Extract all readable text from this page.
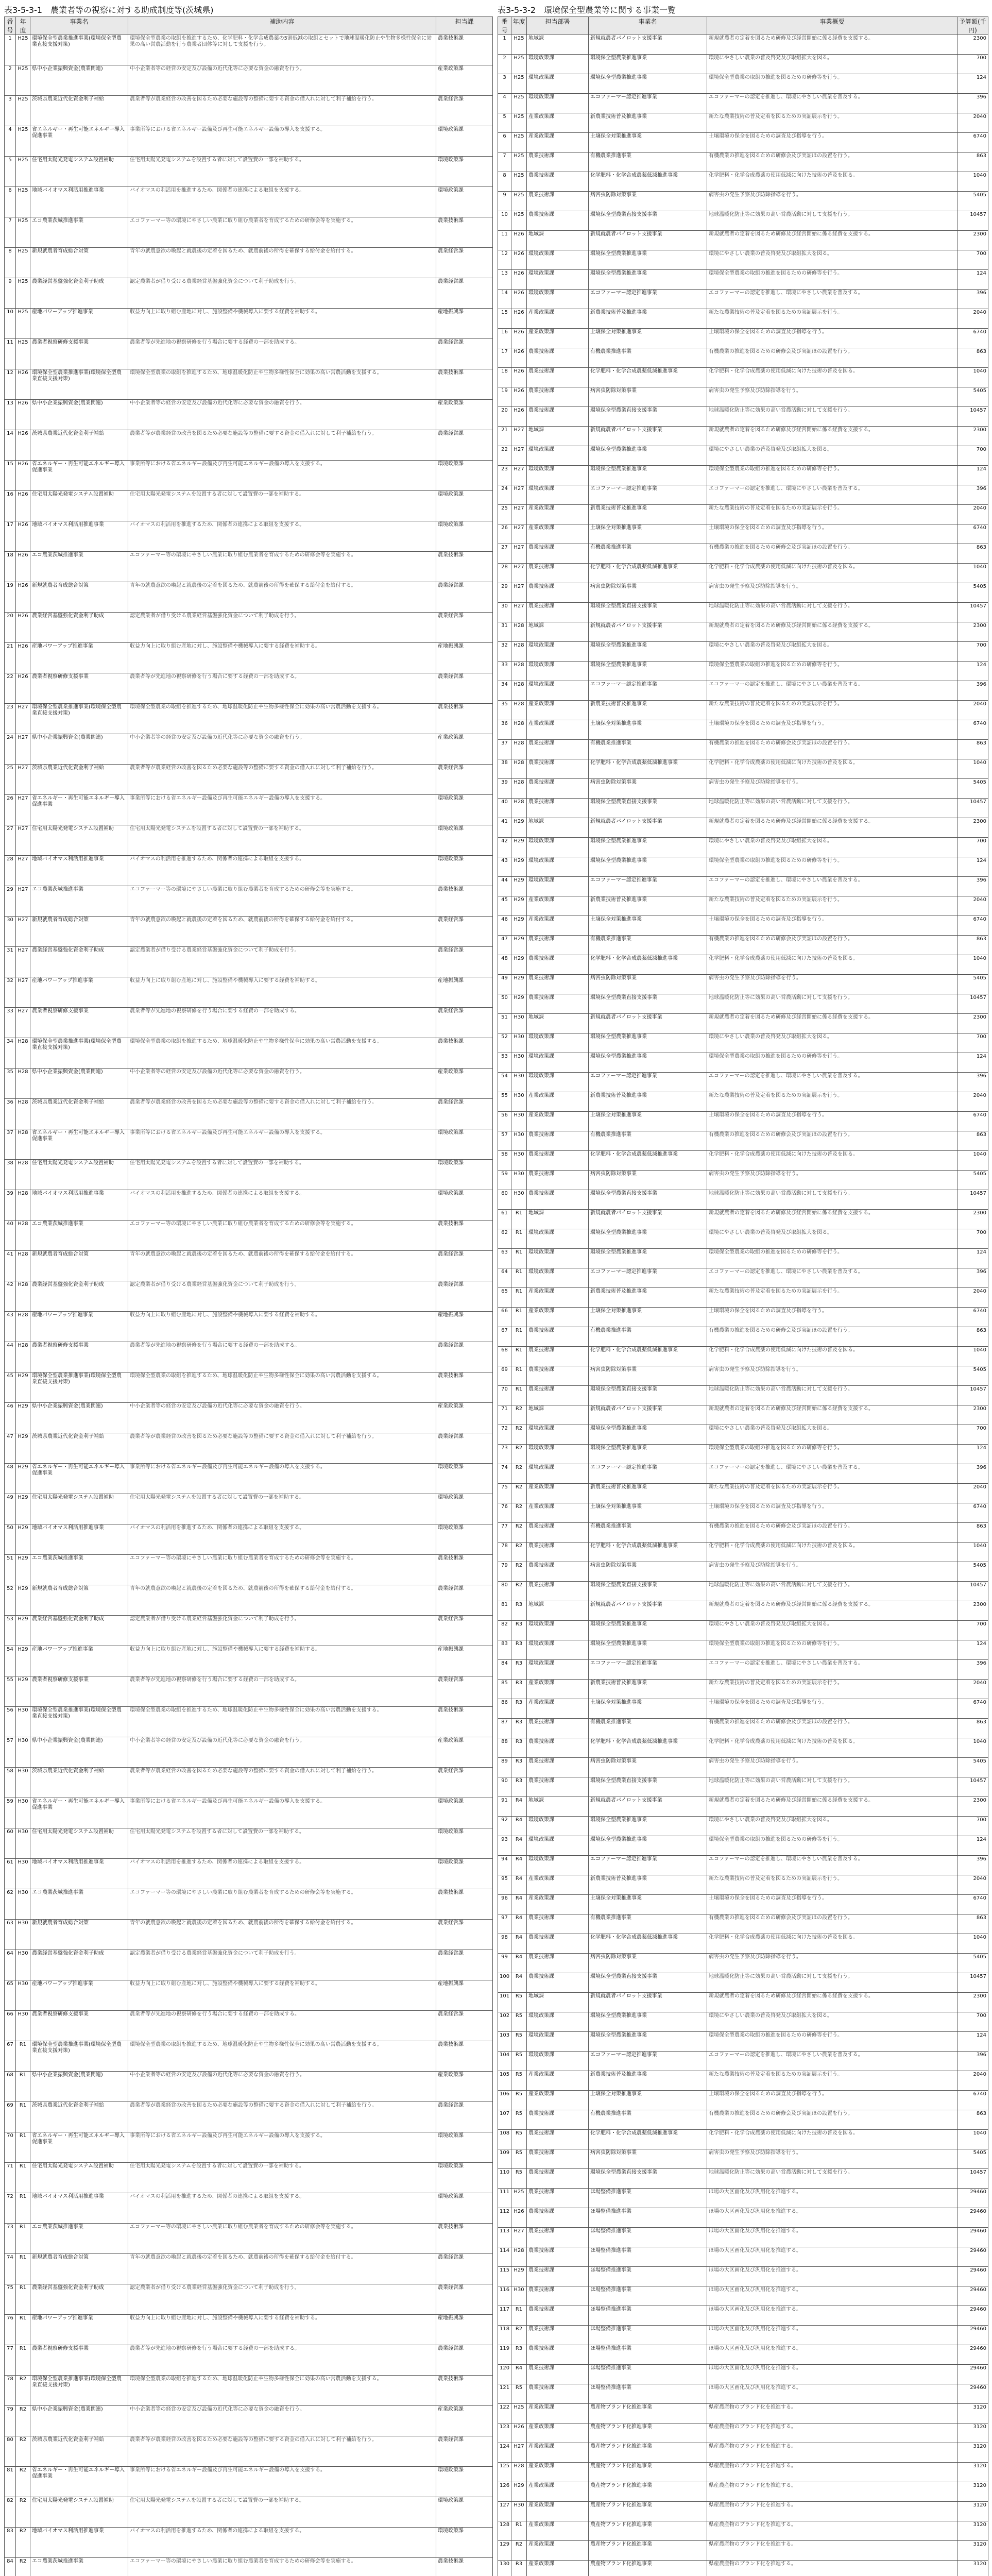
表3-5-3-1　農業者等の視察に対する助成制度等(茨城県)
番号	年度	事業名	補助内容	担当課
1	H25	環境保全型農業推進事業(環境保全型農業直接支援対策)	環境保全型農業の取組を推進するため、化学肥料・化学合成農薬の5割低減の取組とセットで地球温暖化防止や生物多様性保全に効果の高い営農活動を行う農業者団体等に対して支援を行う。	農業技術課
2	H25	県中小企業振興資金(農業関連)	中小企業者等の経営の安定及び設備の近代化等に必要な資金の融資を行う。	産業政策課
3	H25	茨城県農業近代化資金利子補給	農業者等が農業経営の改善を図るため必要な施設等の整備に要する資金の借入れに対して利子補給を行う。	農業経営課
4	H25	省エネルギー・再生可能エネルギー導入促進事業	事業所等における省エネルギー設備及び再生可能エネルギー設備の導入を支援する。	環境政策課
5	H25	住宅用太陽光発電システム設置補助	住宅用太陽光発電システムを設置する者に対して設置費の一部を補助する。	環境政策課
6	H25	地域バイオマス利活用推進事業	バイオマスの利活用を推進するため、関係者の連携による取組を支援する。	環境政策課
7	H25	エコ農業茨城推進事業	エコファーマー等の環境にやさしい農業に取り組む農業者を育成するための研修会等を実施する。	農業技術課
8	H25	新規就農者育成総合対策	青年の就農意欲の喚起と就農後の定着を図るため、就農前後の所得を確保する給付金を給付する。	農業経営課
9	H25	農業経営基盤強化資金利子助成	認定農業者が借り受ける農業経営基盤強化資金について利子助成を行う。	農業経営課
10	H25	産地パワーアップ推進事業	収益力向上に取り組む産地に対し、施設整備や機械導入に要する経費を補助する。	産地振興課
11	H25	農業者視察研修支援事業	農業者等が先進地の視察研修を行う場合に要する経費の一部を助成する。	農業経営課
12	H26	環境保全型農業推進事業(環境保全型農業直接支援対策)	環境保全型農業の取組を推進するため、地球温暖化防止や生物多様性保全に効果の高い営農活動を支援する。	農業技術課
13	H26	県中小企業振興資金(農業関連)	中小企業者等の経営の安定及び設備の近代化等に必要な資金の融資を行う。	産業政策課
14	H26	茨城県農業近代化資金利子補給	農業者等が農業経営の改善を図るため必要な施設等の整備に要する資金の借入れに対して利子補給を行う。	農業経営課
15	H26	省エネルギー・再生可能エネルギー導入促進事業	事業所等における省エネルギー設備及び再生可能エネルギー設備の導入を支援する。	環境政策課
16	H26	住宅用太陽光発電システム設置補助	住宅用太陽光発電システムを設置する者に対して設置費の一部を補助する。	環境政策課
17	H26	地域バイオマス利活用推進事業	バイオマスの利活用を推進するため、関係者の連携による取組を支援する。	環境政策課
18	H26	エコ農業茨城推進事業	エコファーマー等の環境にやさしい農業に取り組む農業者を育成するための研修会等を実施する。	農業技術課
19	H26	新規就農者育成総合対策	青年の就農意欲の喚起と就農後の定着を図るため、就農前後の所得を確保する給付金を給付する。	農業経営課
20	H26	農業経営基盤強化資金利子助成	認定農業者が借り受ける農業経営基盤強化資金について利子助成を行う。	農業経営課
21	H26	産地パワーアップ推進事業	収益力向上に取り組む産地に対し、施設整備や機械導入に要する経費を補助する。	産地振興課
22	H26	農業者視察研修支援事業	農業者等が先進地の視察研修を行う場合に要する経費の一部を助成する。	農業経営課
23	H27	環境保全型農業推進事業(環境保全型農業直接支援対策)	環境保全型農業の取組を推進するため、地球温暖化防止や生物多様性保全に効果の高い営農活動を支援する。	農業技術課
24	H27	県中小企業振興資金(農業関連)	中小企業者等の経営の安定及び設備の近代化等に必要な資金の融資を行う。	産業政策課
25	H27	茨城県農業近代化資金利子補給	農業者等が農業経営の改善を図るため必要な施設等の整備に要する資金の借入れに対して利子補給を行う。	農業経営課
26	H27	省エネルギー・再生可能エネルギー導入促進事業	事業所等における省エネルギー設備及び再生可能エネルギー設備の導入を支援する。	環境政策課
27	H27	住宅用太陽光発電システム設置補助	住宅用太陽光発電システムを設置する者に対して設置費の一部を補助する。	環境政策課
28	H27	地域バイオマス利活用推進事業	バイオマスの利活用を推進するため、関係者の連携による取組を支援する。	環境政策課
29	H27	エコ農業茨城推進事業	エコファーマー等の環境にやさしい農業に取り組む農業者を育成するための研修会等を実施する。	農業技術課
30	H27	新規就農者育成総合対策	青年の就農意欲の喚起と就農後の定着を図るため、就農前後の所得を確保する給付金を給付する。	農業経営課
31	H27	農業経営基盤強化資金利子助成	認定農業者が借り受ける農業経営基盤強化資金について利子助成を行う。	農業経営課
32	H27	産地パワーアップ推進事業	収益力向上に取り組む産地に対し、施設整備や機械導入に要する経費を補助する。	産地振興課
33	H27	農業者視察研修支援事業	農業者等が先進地の視察研修を行う場合に要する経費の一部を助成する。	農業経営課
34	H28	環境保全型農業推進事業(環境保全型農業直接支援対策)	環境保全型農業の取組を推進するため、地球温暖化防止や生物多様性保全に効果の高い営農活動を支援する。	農業技術課
35	H28	県中小企業振興資金(農業関連)	中小企業者等の経営の安定及び設備の近代化等に必要な資金の融資を行う。	産業政策課
36	H28	茨城県農業近代化資金利子補給	農業者等が農業経営の改善を図るため必要な施設等の整備に要する資金の借入れに対して利子補給を行う。	農業経営課
37	H28	省エネルギー・再生可能エネルギー導入促進事業	事業所等における省エネルギー設備及び再生可能エネルギー設備の導入を支援する。	環境政策課
38	H28	住宅用太陽光発電システム設置補助	住宅用太陽光発電システムを設置する者に対して設置費の一部を補助する。	環境政策課
39	H28	地域バイオマス利活用推進事業	バイオマスの利活用を推進するため、関係者の連携による取組を支援する。	環境政策課
40	H28	エコ農業茨城推進事業	エコファーマー等の環境にやさしい農業に取り組む農業者を育成するための研修会等を実施する。	農業技術課
41	H28	新規就農者育成総合対策	青年の就農意欲の喚起と就農後の定着を図るため、就農前後の所得を確保する給付金を給付する。	農業経営課
42	H28	農業経営基盤強化資金利子助成	認定農業者が借り受ける農業経営基盤強化資金について利子助成を行う。	農業経営課
43	H28	産地パワーアップ推進事業	収益力向上に取り組む産地に対し、施設整備や機械導入に要する経費を補助する。	産地振興課
44	H28	農業者視察研修支援事業	農業者等が先進地の視察研修を行う場合に要する経費の一部を助成する。	農業経営課
45	H29	環境保全型農業推進事業(環境保全型農業直接支援対策)	環境保全型農業の取組を推進するため、地球温暖化防止や生物多様性保全に効果の高い営農活動を支援する。	農業技術課
46	H29	県中小企業振興資金(農業関連)	中小企業者等の経営の安定及び設備の近代化等に必要な資金の融資を行う。	産業政策課
47	H29	茨城県農業近代化資金利子補給	農業者等が農業経営の改善を図るため必要な施設等の整備に要する資金の借入れに対して利子補給を行う。	農業経営課
48	H29	省エネルギー・再生可能エネルギー導入促進事業	事業所等における省エネルギー設備及び再生可能エネルギー設備の導入を支援する。	環境政策課
49	H29	住宅用太陽光発電システム設置補助	住宅用太陽光発電システムを設置する者に対して設置費の一部を補助する。	環境政策課
50	H29	地域バイオマス利活用推進事業	バイオマスの利活用を推進するため、関係者の連携による取組を支援する。	環境政策課
51	H29	エコ農業茨城推進事業	エコファーマー等の環境にやさしい農業に取り組む農業者を育成するための研修会等を実施する。	農業技術課
52	H29	新規就農者育成総合対策	青年の就農意欲の喚起と就農後の定着を図るため、就農前後の所得を確保する給付金を給付する。	農業経営課
53	H29	農業経営基盤強化資金利子助成	認定農業者が借り受ける農業経営基盤強化資金について利子助成を行う。	農業経営課
54	H29	産地パワーアップ推進事業	収益力向上に取り組む産地に対し、施設整備や機械導入に要する経費を補助する。	産地振興課
55	H29	農業者視察研修支援事業	農業者等が先進地の視察研修を行う場合に要する経費の一部を助成する。	農業経営課
56	H30	環境保全型農業推進事業(環境保全型農業直接支援対策)	環境保全型農業の取組を推進するため、地球温暖化防止や生物多様性保全に効果の高い営農活動を支援する。	農業技術課
57	H30	県中小企業振興資金(農業関連)	中小企業者等の経営の安定及び設備の近代化等に必要な資金の融資を行う。	産業政策課
58	H30	茨城県農業近代化資金利子補給	農業者等が農業経営の改善を図るため必要な施設等の整備に要する資金の借入れに対して利子補給を行う。	農業経営課
59	H30	省エネルギー・再生可能エネルギー導入促進事業	事業所等における省エネルギー設備及び再生可能エネルギー設備の導入を支援する。	環境政策課
60	H30	住宅用太陽光発電システム設置補助	住宅用太陽光発電システムを設置する者に対して設置費の一部を補助する。	環境政策課
61	H30	地域バイオマス利活用推進事業	バイオマスの利活用を推進するため、関係者の連携による取組を支援する。	環境政策課
62	H30	エコ農業茨城推進事業	エコファーマー等の環境にやさしい農業に取り組む農業者を育成するための研修会等を実施する。	農業技術課
63	H30	新規就農者育成総合対策	青年の就農意欲の喚起と就農後の定着を図るため、就農前後の所得を確保する給付金を給付する。	農業経営課
64	H30	農業経営基盤強化資金利子助成	認定農業者が借り受ける農業経営基盤強化資金について利子助成を行う。	農業経営課
65	H30	産地パワーアップ推進事業	収益力向上に取り組む産地に対し、施設整備や機械導入に要する経費を補助する。	産地振興課
66	H30	農業者視察研修支援事業	農業者等が先進地の視察研修を行う場合に要する経費の一部を助成する。	農業経営課
67	R1	環境保全型農業推進事業(環境保全型農業直接支援対策)	環境保全型農業の取組を推進するため、地球温暖化防止や生物多様性保全に効果の高い営農活動を支援する。	農業技術課
68	R1	県中小企業振興資金(農業関連)	中小企業者等の経営の安定及び設備の近代化等に必要な資金の融資を行う。	産業政策課
69	R1	茨城県農業近代化資金利子補給	農業者等が農業経営の改善を図るため必要な施設等の整備に要する資金の借入れに対して利子補給を行う。	農業経営課
70	R1	省エネルギー・再生可能エネルギー導入促進事業	事業所等における省エネルギー設備及び再生可能エネルギー設備の導入を支援する。	環境政策課
71	R1	住宅用太陽光発電システム設置補助	住宅用太陽光発電システムを設置する者に対して設置費の一部を補助する。	環境政策課
72	R1	地域バイオマス利活用推進事業	バイオマスの利活用を推進するため、関係者の連携による取組を支援する。	環境政策課
73	R1	エコ農業茨城推進事業	エコファーマー等の環境にやさしい農業に取り組む農業者を育成するための研修会等を実施する。	農業技術課
74	R1	新規就農者育成総合対策	青年の就農意欲の喚起と就農後の定着を図るため、就農前後の所得を確保する給付金を給付する。	農業経営課
75	R1	農業経営基盤強化資金利子助成	認定農業者が借り受ける農業経営基盤強化資金について利子助成を行う。	農業経営課
76	R1	産地パワーアップ推進事業	収益力向上に取り組む産地に対し、施設整備や機械導入に要する経費を補助する。	産地振興課
77	R1	農業者視察研修支援事業	農業者等が先進地の視察研修を行う場合に要する経費の一部を助成する。	農業経営課
78	R2	環境保全型農業推進事業(環境保全型農業直接支援対策)	環境保全型農業の取組を推進するため、地球温暖化防止や生物多様性保全に効果の高い営農活動を支援する。	農業技術課
79	R2	県中小企業振興資金(農業関連)	中小企業者等の経営の安定及び設備の近代化等に必要な資金の融資を行う。	産業政策課
80	R2	茨城県農業近代化資金利子補給	農業者等が農業経営の改善を図るため必要な施設等の整備に要する資金の借入れに対して利子補給を行う。	農業経営課
81	R2	省エネルギー・再生可能エネルギー導入促進事業	事業所等における省エネルギー設備及び再生可能エネルギー設備の導入を支援する。	環境政策課
82	R2	住宅用太陽光発電システム設置補助	住宅用太陽光発電システムを設置する者に対して設置費の一部を補助する。	環境政策課
83	R2	地域バイオマス利活用推進事業	バイオマスの利活用を推進するため、関係者の連携による取組を支援する。	環境政策課
84	R2	エコ農業茨城推進事業	エコファーマー等の環境にやさしい農業に取り組む農業者を育成するための研修会等を実施する。	農業技術課

表3-5-3-2　環境保全型農業等に関する事業一覧
番号	年度	担当部署	事業名	事業概要	予算額(千円)
1	H25	地域課	新規就農者パイロット支援事業	新規就農者の定着を図るため研修及び経営開始に係る経費を支援する。	2300
2	H25	環境政策課	環境保全型農業推進事業	環境にやさしい農業の普及啓発及び取組拡大を図る。	700
3	H25	環境政策課	環境保全型農業推進事業	環境保全型農業の取組の推進を図るための研修等を行う。	124
4	H25	環境政策課	エコファーマー認定推進事業	エコファーマーの認定を推進し、環境にやさしい農業を普及する。	396
5	H25	産業政策課	新農業技術普及推進事業	新たな農業技術の普及定着を図るための実証展示を行う。	2040
6	H25	産業政策課	土壌保全対策推進事業	土壌環境の保全を図るための調査及び指導を行う。	6740
7	H25	農業技術課	有機農業推進事業	有機農業の推進を図るための研修会及び実証ほの設置を行う。	863
8	H25	農業技術課	化学肥料・化学合成農薬低減推進事業	化学肥料・化学合成農薬の使用低減に向けた技術の普及を図る。	1040
9	H25	農業技術課	病害虫防除対策事業	病害虫の発生予察及び防除指導を行う。	5405
10	H25	農業技術課	環境保全型農業直接支援事業	地球温暖化防止等に効果の高い営農活動に対して支援を行う。	10457
11	H26	地域課	新規就農者パイロット支援事業	新規就農者の定着を図るため研修及び経営開始に係る経費を支援する。	2300
12	H26	環境政策課	環境保全型農業推進事業	環境にやさしい農業の普及啓発及び取組拡大を図る。	700
13	H26	環境政策課	環境保全型農業推進事業	環境保全型農業の取組の推進を図るための研修等を行う。	124
14	H26	環境政策課	エコファーマー認定推進事業	エコファーマーの認定を推進し、環境にやさしい農業を普及する。	396
15	H26	産業政策課	新農業技術普及推進事業	新たな農業技術の普及定着を図るための実証展示を行う。	2040
16	H26	産業政策課	土壌保全対策推進事業	土壌環境の保全を図るための調査及び指導を行う。	6740
17	H26	農業技術課	有機農業推進事業	有機農業の推進を図るための研修会及び実証ほの設置を行う。	863
18	H26	農業技術課	化学肥料・化学合成農薬低減推進事業	化学肥料・化学合成農薬の使用低減に向けた技術の普及を図る。	1040
19	H26	農業技術課	病害虫防除対策事業	病害虫の発生予察及び防除指導を行う。	5405
20	H26	農業技術課	環境保全型農業直接支援事業	地球温暖化防止等に効果の高い営農活動に対して支援を行う。	10457
21	H27	地域課	新規就農者パイロット支援事業	新規就農者の定着を図るため研修及び経営開始に係る経費を支援する。	2300
22	H27	環境政策課	環境保全型農業推進事業	環境にやさしい農業の普及啓発及び取組拡大を図る。	700
23	H27	環境政策課	環境保全型農業推進事業	環境保全型農業の取組の推進を図るための研修等を行う。	124
24	H27	環境政策課	エコファーマー認定推進事業	エコファーマーの認定を推進し、環境にやさしい農業を普及する。	396
25	H27	産業政策課	新農業技術普及推進事業	新たな農業技術の普及定着を図るための実証展示を行う。	2040
26	H27	産業政策課	土壌保全対策推進事業	土壌環境の保全を図るための調査及び指導を行う。	6740
27	H27	農業技術課	有機農業推進事業	有機農業の推進を図るための研修会及び実証ほの設置を行う。	863
28	H27	農業技術課	化学肥料・化学合成農薬低減推進事業	化学肥料・化学合成農薬の使用低減に向けた技術の普及を図る。	1040
29	H27	農業技術課	病害虫防除対策事業	病害虫の発生予察及び防除指導を行う。	5405
30	H27	農業技術課	環境保全型農業直接支援事業	地球温暖化防止等に効果の高い営農活動に対して支援を行う。	10457
31	H28	地域課	新規就農者パイロット支援事業	新規就農者の定着を図るため研修及び経営開始に係る経費を支援する。	2300
32	H28	環境政策課	環境保全型農業推進事業	環境にやさしい農業の普及啓発及び取組拡大を図る。	700
33	H28	環境政策課	環境保全型農業推進事業	環境保全型農業の取組の推進を図るための研修等を行う。	124
34	H28	環境政策課	エコファーマー認定推進事業	エコファーマーの認定を推進し、環境にやさしい農業を普及する。	396
35	H28	産業政策課	新農業技術普及推進事業	新たな農業技術の普及定着を図るための実証展示を行う。	2040
36	H28	産業政策課	土壌保全対策推進事業	土壌環境の保全を図るための調査及び指導を行う。	6740
37	H28	農業技術課	有機農業推進事業	有機農業の推進を図るための研修会及び実証ほの設置を行う。	863
38	H28	農業技術課	化学肥料・化学合成農薬低減推進事業	化学肥料・化学合成農薬の使用低減に向けた技術の普及を図る。	1040
39	H28	農業技術課	病害虫防除対策事業	病害虫の発生予察及び防除指導を行う。	5405
40	H28	農業技術課	環境保全型農業直接支援事業	地球温暖化防止等に効果の高い営農活動に対して支援を行う。	10457
41	H29	地域課	新規就農者パイロット支援事業	新規就農者の定着を図るため研修及び経営開始に係る経費を支援する。	2300
42	H29	環境政策課	環境保全型農業推進事業	環境にやさしい農業の普及啓発及び取組拡大を図る。	700
43	H29	環境政策課	環境保全型農業推進事業	環境保全型農業の取組の推進を図るための研修等を行う。	124
44	H29	環境政策課	エコファーマー認定推進事業	エコファーマーの認定を推進し、環境にやさしい農業を普及する。	396
45	H29	産業政策課	新農業技術普及推進事業	新たな農業技術の普及定着を図るための実証展示を行う。	2040
46	H29	産業政策課	土壌保全対策推進事業	土壌環境の保全を図るための調査及び指導を行う。	6740
47	H29	農業技術課	有機農業推進事業	有機農業の推進を図るための研修会及び実証ほの設置を行う。	863
48	H29	農業技術課	化学肥料・化学合成農薬低減推進事業	化学肥料・化学合成農薬の使用低減に向けた技術の普及を図る。	1040
49	H29	農業技術課	病害虫防除対策事業	病害虫の発生予察及び防除指導を行う。	5405
50	H29	農業技術課	環境保全型農業直接支援事業	地球温暖化防止等に効果の高い営農活動に対して支援を行う。	10457
51	H30	地域課	新規就農者パイロット支援事業	新規就農者の定着を図るため研修及び経営開始に係る経費を支援する。	2300
52	H30	環境政策課	環境保全型農業推進事業	環境にやさしい農業の普及啓発及び取組拡大を図る。	700
53	H30	環境政策課	環境保全型農業推進事業	環境保全型農業の取組の推進を図るための研修等を行う。	124
54	H30	環境政策課	エコファーマー認定推進事業	エコファーマーの認定を推進し、環境にやさしい農業を普及する。	396
55	H30	産業政策課	新農業技術普及推進事業	新たな農業技術の普及定着を図るための実証展示を行う。	2040
56	H30	産業政策課	土壌保全対策推進事業	土壌環境の保全を図るための調査及び指導を行う。	6740
57	H30	農業技術課	有機農業推進事業	有機農業の推進を図るための研修会及び実証ほの設置を行う。	863
58	H30	農業技術課	化学肥料・化学合成農薬低減推進事業	化学肥料・化学合成農薬の使用低減に向けた技術の普及を図る。	1040
59	H30	農業技術課	病害虫防除対策事業	病害虫の発生予察及び防除指導を行う。	5405
60	H30	農業技術課	環境保全型農業直接支援事業	地球温暖化防止等に効果の高い営農活動に対して支援を行う。	10457
61	R1	地域課	新規就農者パイロット支援事業	新規就農者の定着を図るため研修及び経営開始に係る経費を支援する。	2300
62	R1	環境政策課	環境保全型農業推進事業	環境にやさしい農業の普及啓発及び取組拡大を図る。	700
63	R1	環境政策課	環境保全型農業推進事業	環境保全型農業の取組の推進を図るための研修等を行う。	124
64	R1	環境政策課	エコファーマー認定推進事業	エコファーマーの認定を推進し、環境にやさしい農業を普及する。	396
65	R1	産業政策課	新農業技術普及推進事業	新たな農業技術の普及定着を図るための実証展示を行う。	2040
66	R1	産業政策課	土壌保全対策推進事業	土壌環境の保全を図るための調査及び指導を行う。	6740
67	R1	農業技術課	有機農業推進事業	有機農業の推進を図るための研修会及び実証ほの設置を行う。	863
68	R1	農業技術課	化学肥料・化学合成農薬低減推進事業	化学肥料・化学合成農薬の使用低減に向けた技術の普及を図る。	1040
69	R1	農業技術課	病害虫防除対策事業	病害虫の発生予察及び防除指導を行う。	5405
70	R1	農業技術課	環境保全型農業直接支援事業	地球温暖化防止等に効果の高い営農活動に対して支援を行う。	10457
71	R2	地域課	新規就農者パイロット支援事業	新規就農者の定着を図るため研修及び経営開始に係る経費を支援する。	2300
72	R2	環境政策課	環境保全型農業推進事業	環境にやさしい農業の普及啓発及び取組拡大を図る。	700
73	R2	環境政策課	環境保全型農業推進事業	環境保全型農業の取組の推進を図るための研修等を行う。	124
74	R2	環境政策課	エコファーマー認定推進事業	エコファーマーの認定を推進し、環境にやさしい農業を普及する。	396
75	R2	産業政策課	新農業技術普及推進事業	新たな農業技術の普及定着を図るための実証展示を行う。	2040
76	R2	産業政策課	土壌保全対策推進事業	土壌環境の保全を図るための調査及び指導を行う。	6740
77	R2	農業技術課	有機農業推進事業	有機農業の推進を図るための研修会及び実証ほの設置を行う。	863
78	R2	農業技術課	化学肥料・化学合成農薬低減推進事業	化学肥料・化学合成農薬の使用低減に向けた技術の普及を図る。	1040
79	R2	農業技術課	病害虫防除対策事業	病害虫の発生予察及び防除指導を行う。	5405
80	R2	農業技術課	環境保全型農業直接支援事業	地球温暖化防止等に効果の高い営農活動に対して支援を行う。	10457
81	R3	地域課	新規就農者パイロット支援事業	新規就農者の定着を図るため研修及び経営開始に係る経費を支援する。	2300
82	R3	環境政策課	環境保全型農業推進事業	環境にやさしい農業の普及啓発及び取組拡大を図る。	700
83	R3	環境政策課	環境保全型農業推進事業	環境保全型農業の取組の推進を図るための研修等を行う。	124
84	R3	環境政策課	エコファーマー認定推進事業	エコファーマーの認定を推進し、環境にやさしい農業を普及する。	396
85	R3	産業政策課	新農業技術普及推進事業	新たな農業技術の普及定着を図るための実証展示を行う。	2040
86	R3	産業政策課	土壌保全対策推進事業	土壌環境の保全を図るための調査及び指導を行う。	6740
87	R3	農業技術課	有機農業推進事業	有機農業の推進を図るための研修会及び実証ほの設置を行う。	863
88	R3	農業技術課	化学肥料・化学合成農薬低減推進事業	化学肥料・化学合成農薬の使用低減に向けた技術の普及を図る。	1040
89	R3	農業技術課	病害虫防除対策事業	病害虫の発生予察及び防除指導を行う。	5405
90	R3	農業技術課	環境保全型農業直接支援事業	地球温暖化防止等に効果の高い営農活動に対して支援を行う。	10457
91	R4	地域課	新規就農者パイロット支援事業	新規就農者の定着を図るため研修及び経営開始に係る経費を支援する。	2300
92	R4	環境政策課	環境保全型農業推進事業	環境にやさしい農業の普及啓発及び取組拡大を図る。	700
93	R4	環境政策課	環境保全型農業推進事業	環境保全型農業の取組の推進を図るための研修等を行う。	124
94	R4	環境政策課	エコファーマー認定推進事業	エコファーマーの認定を推進し、環境にやさしい農業を普及する。	396
95	R4	産業政策課	新農業技術普及推進事業	新たな農業技術の普及定着を図るための実証展示を行う。	2040
96	R4	産業政策課	土壌保全対策推進事業	土壌環境の保全を図るための調査及び指導を行う。	6740
97	R4	農業技術課	有機農業推進事業	有機農業の推進を図るための研修会及び実証ほの設置を行う。	863
98	R4	農業技術課	化学肥料・化学合成農薬低減推進事業	化学肥料・化学合成農薬の使用低減に向けた技術の普及を図る。	1040
99	R4	農業技術課	病害虫防除対策事業	病害虫の発生予察及び防除指導を行う。	5405
100	R4	農業技術課	環境保全型農業直接支援事業	地球温暖化防止等に効果の高い営農活動に対して支援を行う。	10457
101	R5	地域課	新規就農者パイロット支援事業	新規就農者の定着を図るため研修及び経営開始に係る経費を支援する。	2300
102	R5	環境政策課	環境保全型農業推進事業	環境にやさしい農業の普及啓発及び取組拡大を図る。	700
103	R5	環境政策課	環境保全型農業推進事業	環境保全型農業の取組の推進を図るための研修等を行う。	124
104	R5	環境政策課	エコファーマー認定推進事業	エコファーマーの認定を推進し、環境にやさしい農業を普及する。	396
105	R5	産業政策課	新農業技術普及推進事業	新たな農業技術の普及定着を図るための実証展示を行う。	2040
106	R5	産業政策課	土壌保全対策推進事業	土壌環境の保全を図るための調査及び指導を行う。	6740
107	R5	農業技術課	有機農業推進事業	有機農業の推進を図るための研修会及び実証ほの設置を行う。	863
108	R5	農業技術課	化学肥料・化学合成農薬低減推進事業	化学肥料・化学合成農薬の使用低減に向けた技術の普及を図る。	1040
109	R5	農業技術課	病害虫防除対策事業	病害虫の発生予察及び防除指導を行う。	5405
110	R5	農業技術課	環境保全型農業直接支援事業	地球温暖化防止等に効果の高い営農活動に対して支援を行う。	10457
111	H25	農業技術課	ほ場整備推進事業	ほ場の大区画化及び汎用化を推進する。	29460
112	H26	農業技術課	ほ場整備推進事業	ほ場の大区画化及び汎用化を推進する。	29460
113	H27	農業技術課	ほ場整備推進事業	ほ場の大区画化及び汎用化を推進する。	29460
114	H28	農業技術課	ほ場整備推進事業	ほ場の大区画化及び汎用化を推進する。	29460
115	H29	農業技術課	ほ場整備推進事業	ほ場の大区画化及び汎用化を推進する。	29460
116	H30	農業技術課	ほ場整備推進事業	ほ場の大区画化及び汎用化を推進する。	29460
117	R1	農業技術課	ほ場整備推進事業	ほ場の大区画化及び汎用化を推進する。	29460
118	R2	農業技術課	ほ場整備推進事業	ほ場の大区画化及び汎用化を推進する。	29460
119	R3	農業技術課	ほ場整備推進事業	ほ場の大区画化及び汎用化を推進する。	29460
120	R4	農業技術課	ほ場整備推進事業	ほ場の大区画化及び汎用化を推進する。	29460
121	R5	農業技術課	ほ場整備推進事業	ほ場の大区画化及び汎用化を推進する。	29460
122	H25	産業政策課	農産物ブランド化推進事業	県産農産物のブランド化を推進する。	3120
123	H26	産業政策課	農産物ブランド化推進事業	県産農産物のブランド化を推進する。	3120
124	H27	産業政策課	農産物ブランド化推進事業	県産農産物のブランド化を推進する。	3120
125	H28	産業政策課	農産物ブランド化推進事業	県産農産物のブランド化を推進する。	3120
126	H29	産業政策課	農産物ブランド化推進事業	県産農産物のブランド化を推進する。	3120
127	H30	産業政策課	農産物ブランド化推進事業	県産農産物のブランド化を推進する。	3120
128	R1	産業政策課	農産物ブランド化推進事業	県産農産物のブランド化を推進する。	3120
129	R2	産業政策課	農産物ブランド化推進事業	県産農産物のブランド化を推進する。	3120
130	R3	産業政策課	農産物ブランド化推進事業	県産農産物のブランド化を推進する。	3120
